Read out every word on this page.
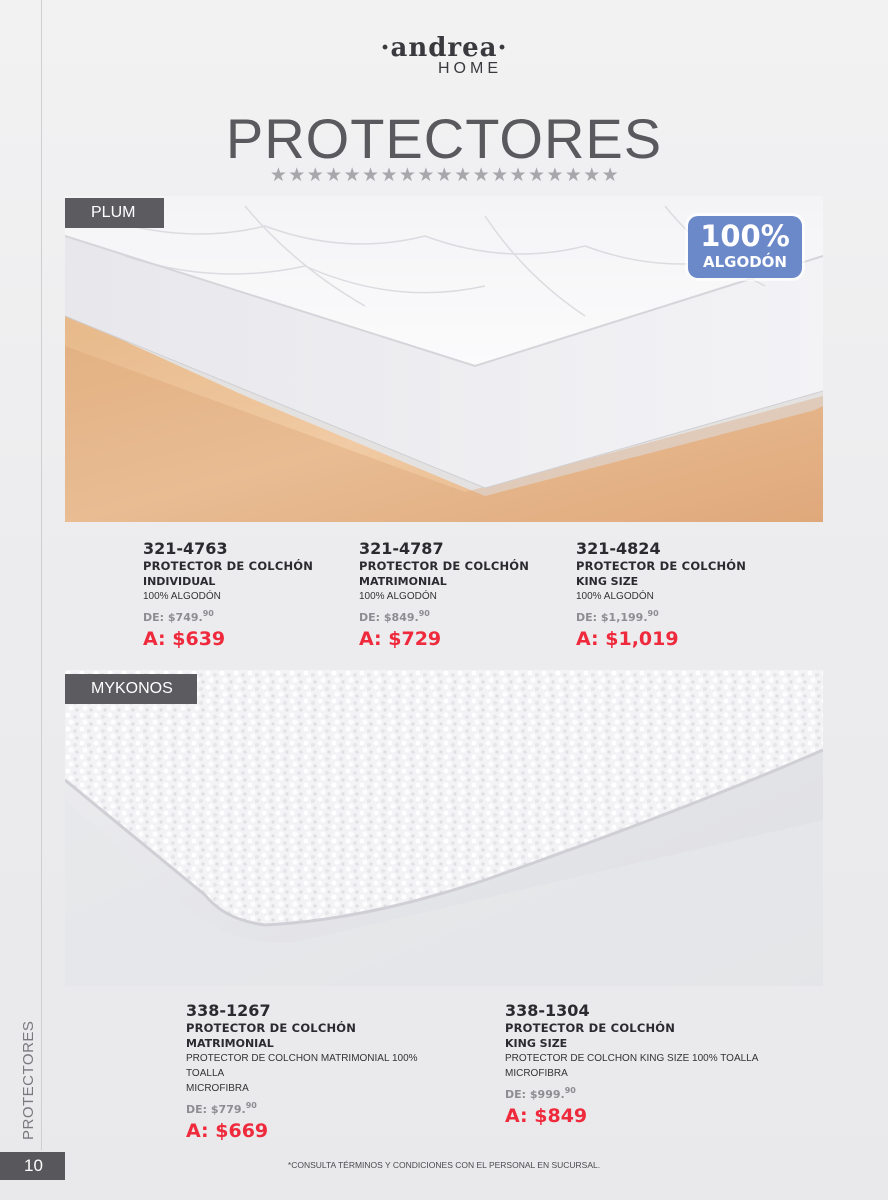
PROTECTORES
10
·andrea·
HOME
PROTECTORES
★★★★★★★★★★★★★★★★★★★
PLUM
100%
ALGODÓN
321-4763
PROTECTOR DE COLCHÓN
INDIVIDUAL
100% ALGODÓN
DE: $749.90
A: $639
321-4787
PROTECTOR DE COLCHÓN
MATRIMONIAL
100% ALGODÓN
DE: $849.90
A: $729
321-4824
PROTECTOR DE COLCHÓN
KING SIZE
100% ALGODÓN
DE: $1,199.90
A: $1,019
MYKONOS
338-1267
PROTECTOR DE COLCHÓN
MATRIMONIAL
PROTECTOR DE COLCHON MATRIMONIAL 100% TOALLA
MICROFIBRA
DE: $779.90
A: $669
338-1304
PROTECTOR DE COLCHÓN
KING SIZE
PROTECTOR DE COLCHON KING SIZE 100% TOALLA
MICROFIBRA
DE: $999.90
A: $849
*CONSULTA TÉRMINOS Y CONDICIONES CON EL PERSONAL EN SUCURSAL.
